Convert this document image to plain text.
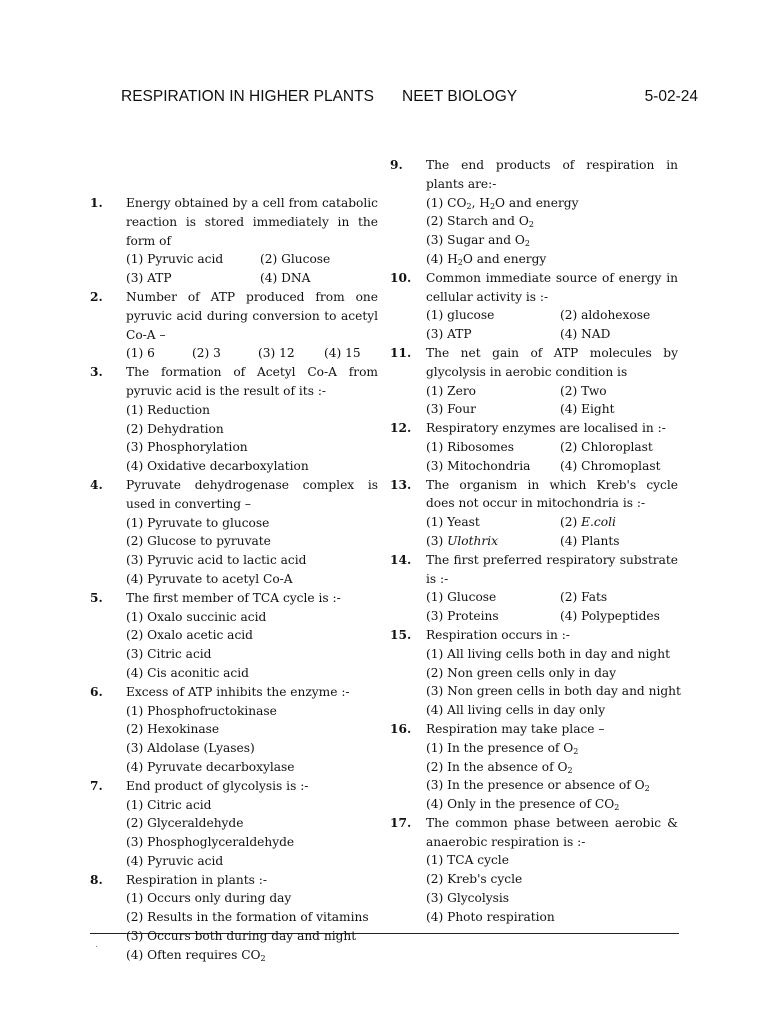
RESPIRATION IN HIGHER PLANTS NEET BIOLOGY	5-02-24
1.	Energy obtained by a cell from catabolic reaction is stored immediately in the form of
(1) Pyruvic acid	(2) Glucose
(3) ATP	(4) DNA
2.	Number of ATP produced from one pyruvic acid during conversion to acetyl Co-A –
(1) 6	(2) 3	(3) 12	(4) 15
3.	The formation of Acetyl Co-A from pyruvic acid is the result of its :-
(1) Reduction
(2) Dehydration
(3) Phosphorylation
(4) Oxidative decarboxylation
4.	Pyruvate dehydrogenase complex is used in converting –
(1) Pyruvate to glucose
(2) Glucose to pyruvate
(3) Pyruvic acid to lactic acid
(4) Pyruvate to acetyl Co-A
5.	The first member of TCA cycle is :-
(1) Oxalo succinic acid
(2) Oxalo acetic acid
(3) Citric acid
(4) Cis aconitic acid
6.	Excess of ATP inhibits the enzyme :-
(1) Phosphofructokinase
(2) Hexokinase
(3) Aldolase (Lyases)
(4) Pyruvate decarboxylase
7.	End product of glycolysis is :-
(1) Citric acid
(2) Glyceraldehyde
(3) Phosphoglyceraldehyde
(4) Pyruvic acid
8.	Respiration in plants :-
(1) Occurs only during day
(2) Results in the formation of vitamins
(3) Occurs both during day and night
(4) Often requires $CO_2$
9.	The end products of respiration in plants are:-
(1) $CO_2$, $H_2O$ and energy
(2) Starch and $O_2$
(3) Sugar and $O_2$
(4) $H_2O$ and energy
10.	Common immediate source of energy in cellular activity is :-
(1) glucose	(2) aldohexose
(3) ATP	(4) NAD
11.	The net gain of ATP molecules by glycolysis in aerobic condition is
(1) Zero	(2) Two
(3) Four	(4) Eight
12.	Respiratory enzymes are localised in :-
(1) Ribosomes	(2) Chloroplast
(3) Mitochondria	(4) Chromoplast
13.	The organism in which Kreb's cycle does not occur in mitochondria is :-
(1) Yeast	(2) E.coli
(3) Ulothrix	(4) Plants
14.	The first preferred respiratory substrate is :-
(1) Glucose	(2) Fats
(3) Proteins	(4) Polypeptides
15.	Respiration occurs in :-
(1) All living cells both in day and night
(2) Non green cells only in day
(3) Non green cells in both day and night
(4) All living cells in day only
16.	Respiration may take place –
(1) In the presence of $O_2$
(2) In the absence of $O_2$
(3) In the presence or absence of $O_2$
(4) Only in the presence of $CO_2$
17.	The common phase between aerobic & anaerobic respiration is :-
(1) TCA cycle
(2) Kreb's cycle
(3) Glycolysis
(4) Photo respiration
.
